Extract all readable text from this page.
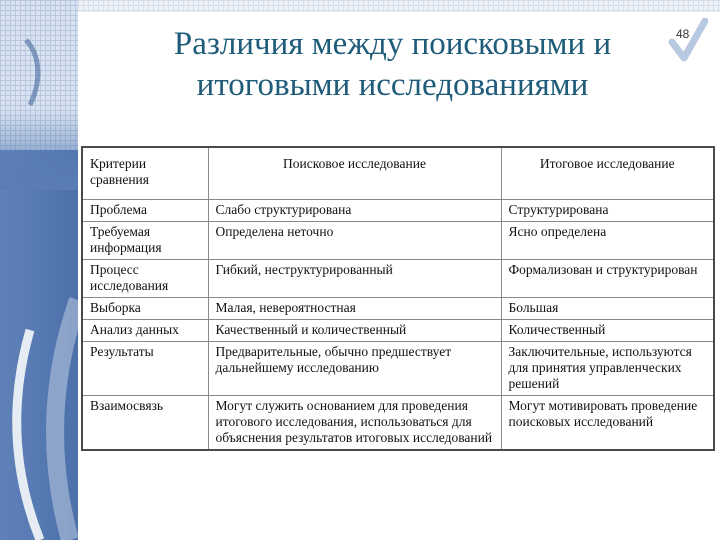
48
Различия между поисковыми и
итоговыми исследованиями
Критерии сравнения	Поисковое исследование	Итоговое исследование
Проблема	Слабо структурирована	Структурирована
Требуемая информация	Определена неточно	Ясно определена
Процесс исследования	Гибкий, неструктурированный	Формализован и структурирован
Выборка	Малая, невероятностная	Большая
Анализ данных	Качественный и количественный	Количественный
Результаты	Предварительные, обычно предшествует дальнейшему исследованию	Заключительные, используются для принятия управленческих решений
Взаимосвязь	Могут служить основанием для проведения итогового исследования, использоваться для объяснения результатов итоговых исследований	Могут мотивировать проведение поисковых исследований
